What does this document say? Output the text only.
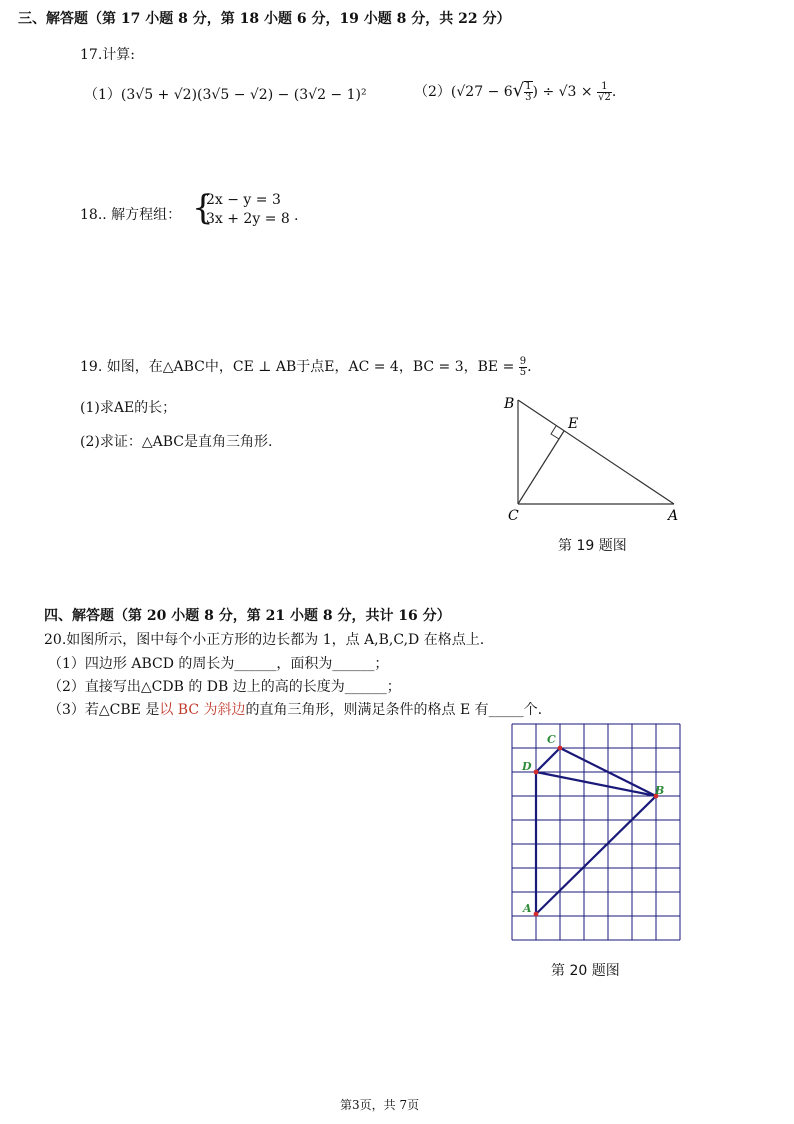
三、解答题（第 17 小题 8 分，第 18 小题 6 分，19 小题 8 分，共 22 分）
17.计算:
（1）(3√5 + √2)(3√5 − √2) − (3√2 − 1)²	$(2)(√27 - 6√ \frac{1}{3}$ ) ÷ $√3 \times \frac{1}{√2}$ .
18.. 解方程组： {
2x − y = 3
3x + 2y = 8 .
19. 如图，在△ABC中，CE ⊥ AB于点E，AC = 4，BC = 3，BE = $\frac{9}{5}$ .
(1)求AE的长；
(2)求证：△ABC是直角三角形.
B
E
C	A
第 19 题图
四、解答题（第 20 小题 8 分，第 21 小题 8 分，共计 16 分）
20.如图所示，图中每个小正方形的边长都为 1，点 A,B,C,D 在格点上.
（1）四边形 ABCD 的周长为______，面积为______；
（2）直接写出△CDB 的 DB 边上的高的长度为______；
（3）若△CBE 是以 BC 为斜边的直角三角形，则满足条件的格点 E 有_____个.
C
D
B
A
第 20 题图
第3页，共 7页
